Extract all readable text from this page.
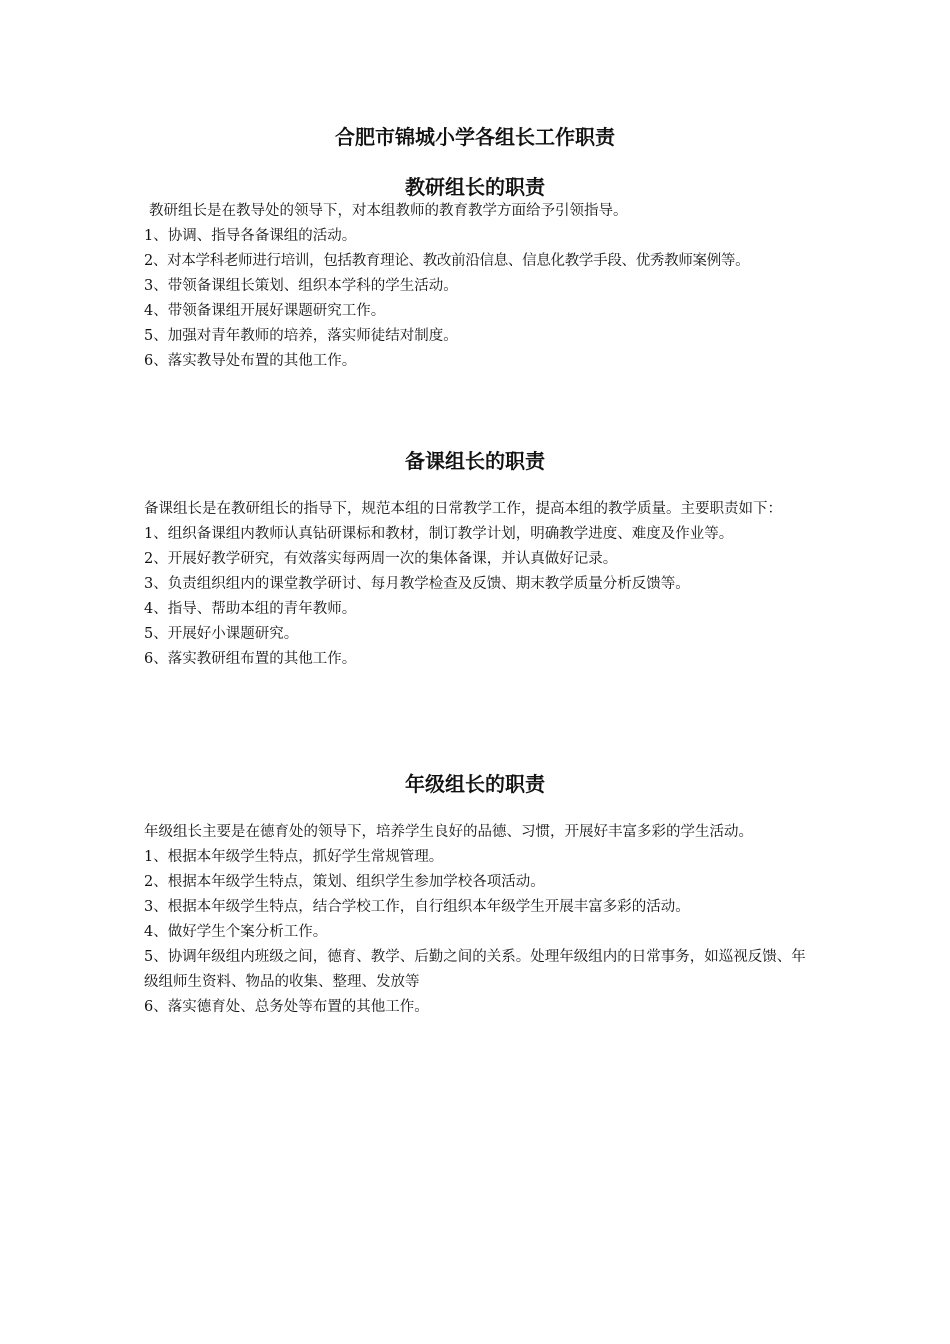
合肥市锦城小学各组长工作职责
教研组长的职责
教研组长是在教导处的领导下，对本组教师的教育教学方面给予引领指导。
1、协调、指导各备课组的活动。
2、对本学科老师进行培训，包括教育理论、教改前沿信息、信息化教学手段、优秀教师案例等。
3、带领备课组长策划、组织本学科的学生活动。
4、带领备课组开展好课题研究工作。
5、加强对青年教师的培养，落实师徒结对制度。
6、落实教导处布置的其他工作。
备课组长的职责
备课组长是在教研组长的指导下，规范本组的日常教学工作，提高本组的教学质量。主要职责如下：
1、组织备课组内教师认真钻研课标和教材，制订教学计划，明确教学进度、难度及作业等。
2、开展好教学研究，有效落实每两周一次的集体备课，并认真做好记录。
3、负责组织组内的课堂教学研讨、每月教学检查及反馈、期末教学质量分析反馈等。
4、指导、帮助本组的青年教师。
5、开展好小课题研究。
6、落实教研组布置的其他工作。
年级组长的职责
年级组长主要是在德育处的领导下，培养学生良好的品德、习惯，开展好丰富多彩的学生活动。
1、根据本年级学生特点，抓好学生常规管理。
2、根据本年级学生特点，策划、组织学生参加学校各项活动。
3、根据本年级学生特点，结合学校工作，自行组织本年级学生开展丰富多彩的活动。
4、做好学生个案分析工作。
5、协调年级组内班级之间，德育、教学、后勤之间的关系。处理年级组内的日常事务，如巡视反馈、年级组师生资料、物品的收集、整理、发放等
6、落实德育处、总务处等布置的其他工作。
